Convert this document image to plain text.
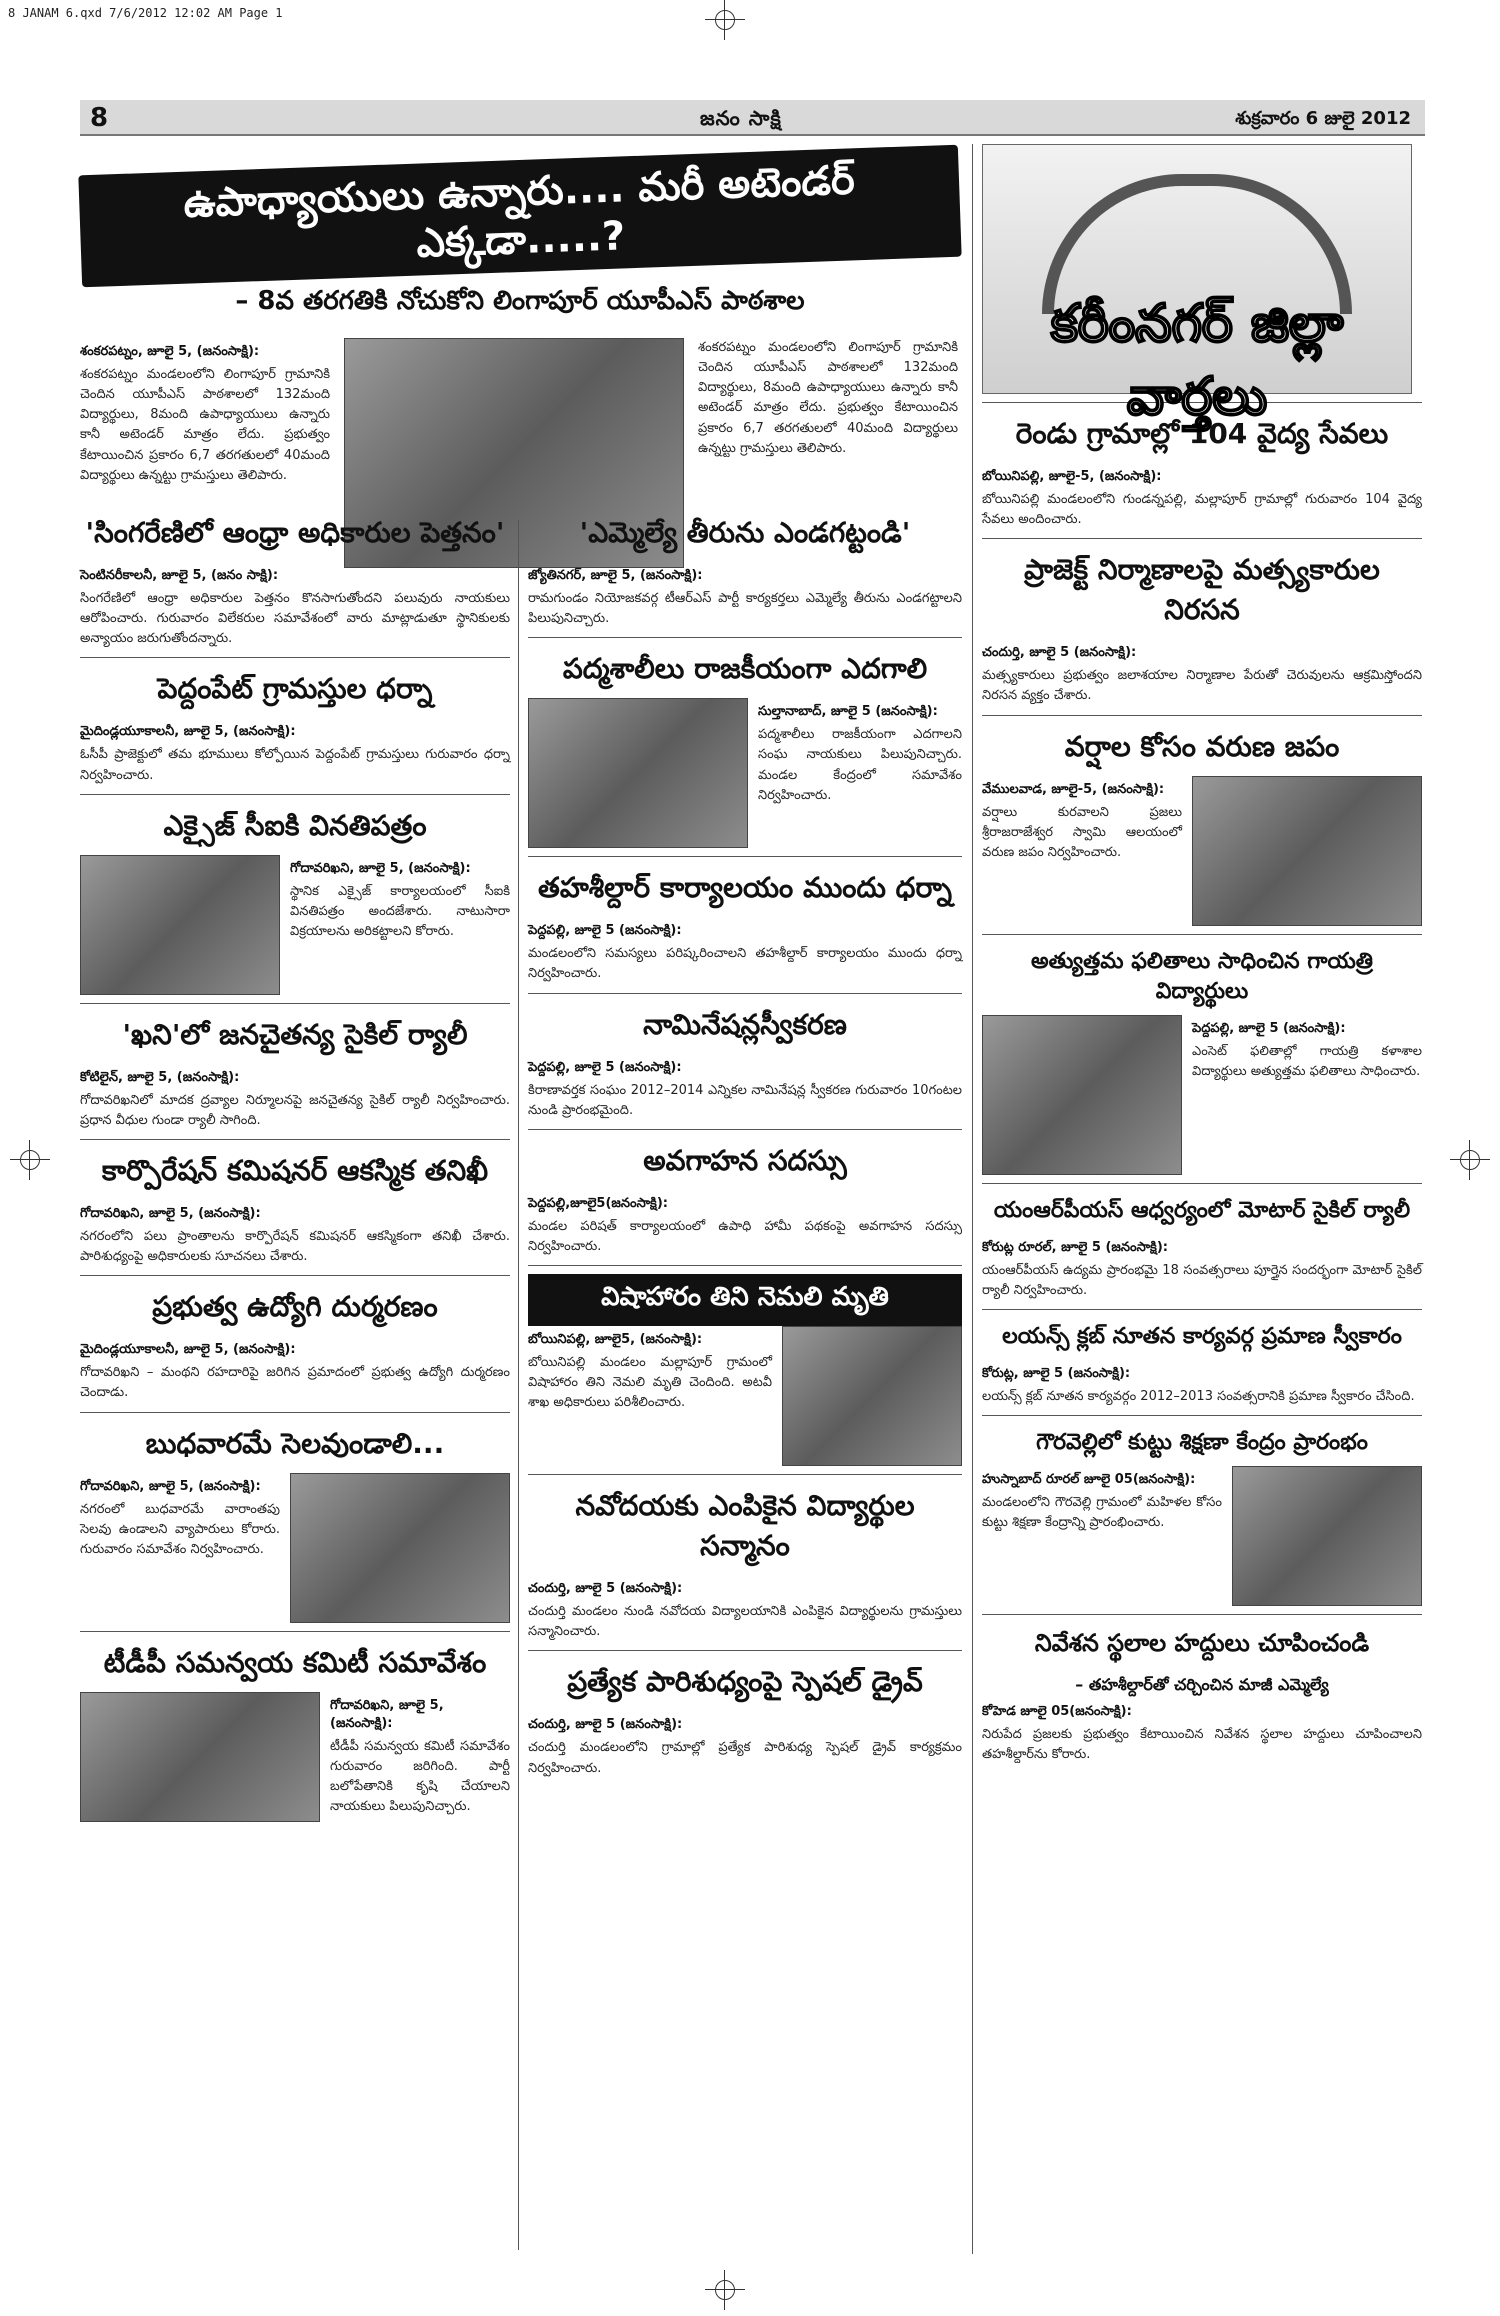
8 JANAM 6.qxd 7/6/2012 12:02 AM Page 1
8	జనం సాక్షి	శుక్రవారం 6 జులై 2012
ఉపాధ్యాయులు ఉన్నారు.... మరీ అటెండర్ ఎక్కడా.....?
– 8వ తరగతికి నోచుకోని లింగాపూర్ యూపీఎస్ పాఠశాల
శంకరపట్నం, జూలై 5, (జనంసాక్షి):
శంకరపట్నం మండలంలోని లింగాపూర్ గ్రామానికి చెందిన యూపీఎస్ పాఠశాలలో 132మంది విద్యార్థులు, 8మంది ఉపాధ్యాయులు ఉన్నారు కానీ అటెండర్ మాత్రం లేదు. ప్రభుత్వం కేటాయించిన ప్రకారం 6,7 తరగతులలో 40మంది విద్యార్థులు ఉన్నట్టు గ్రామస్తులు తెలిపారు.
శంకరపట్నం మండలంలోని లింగాపూర్ గ్రామానికి చెందిన యూపీఎస్ పాఠశాలలో 132మంది విద్యార్థులు, 8మంది ఉపాధ్యాయులు ఉన్నారు కానీ అటెండర్ మాత్రం లేదు. ప్రభుత్వం కేటాయించిన ప్రకారం 6,7 తరగతులలో 40మంది విద్యార్థులు ఉన్నట్టు గ్రామస్తులు తెలిపారు.
'సింగరేణిలో ఆంధ్రా అధికారుల పెత్తనం'
సెంటినరీకాలనీ, జూలై 5, (జనం సాక్షి):
సింగరేణిలో ఆంధ్రా అధికారుల పెత్తనం కొనసాగుతోందని పలువురు నాయకులు ఆరోపించారు. గురువారం విలేకరుల సమావేశంలో వారు మాట్లాడుతూ స్థానికులకు అన్యాయం జరుగుతోందన్నారు.
పెద్దంపేట్ గ్రామస్తుల ధర్నా
మైదిండ్లయూకాలనీ, జూలై 5, (జనంసాక్షి):
ఓసీపీ ప్రాజెక్టులో తమ భూములు కోల్పోయిన పెద్దంపేట్ గ్రామస్తులు గురువారం ధర్నా నిర్వహించారు.
ఎక్సైజ్ సీఐకి వినతిపత్రం
గోదావరిఖని, జూలై 5, (జనంసాక్షి):
స్థానిక ఎక్సైజ్ కార్యాలయంలో సీఐకి వినతిపత్రం అందజేశారు. నాటుసారా విక్రయాలను అరికట్టాలని కోరారు.
'ఖని'లో జనచైతన్య సైకిల్ ర్యాలీ
కోటిలైన్, జూలై 5, (జనంసాక్షి):
గోదావరిఖనిలో మాదక ద్రవ్యాల నిర్మూలనపై జనచైతన్య సైకిల్ ర్యాలీ నిర్వహించారు. ప్రధాన వీధుల గుండా ర్యాలీ సాగింది.
కార్పొరేషన్ కమిషనర్ ఆకస్మిక తనిఖీ
గోదావరిఖని, జూలై 5, (జనంసాక్షి):
నగరంలోని పలు ప్రాంతాలను కార్పొరేషన్ కమిషనర్ ఆకస్మికంగా తనిఖీ చేశారు. పారిశుధ్యంపై అధికారులకు సూచనలు చేశారు.
ప్రభుత్వ ఉద్యోగి దుర్మరణం
మైదిండ్లయూకాలనీ, జూలై 5, (జనంసాక్షి):
గోదావరిఖని – మంథని రహదారిపై జరిగిన ప్రమాదంలో ప్రభుత్వ ఉద్యోగి దుర్మరణం చెందాడు.
బుధవారమే సెలవుండాలి...
గోదావరిఖని, జూలై 5, (జనంసాక్షి):
నగరంలో బుధవారమే వారాంతపు సెలవు ఉండాలని వ్యాపారులు కోరారు. గురువారం సమావేశం నిర్వహించారు.
టీడీపీ సమన్వయ కమిటీ సమావేశం
గోదావరిఖని, జూలై 5, (జనంసాక్షి):
టీడీపీ సమన్వయ కమిటీ సమావేశం గురువారం జరిగింది. పార్టీ బలోపేతానికి కృషి చేయాలని నాయకులు పిలుపునిచ్చారు.
'ఎమ్మెల్యే తీరును ఎండగట్టండి'
జ్యోతినగర్, జూలై 5, (జనంసాక్షి):
రామగుండం నియోజకవర్గ టీఆర్ఎస్ పార్టీ కార్యకర్తలు ఎమ్మెల్యే తీరును ఎండగట్టాలని పిలుపునిచ్చారు.
పద్మశాలీలు రాజకీయంగా ఎదగాలి
సుల్తానాబాద్, జూలై 5 (జనంసాక్షి):
పద్మశాలీలు రాజకీయంగా ఎదగాలని సంఘ నాయకులు పిలుపునిచ్చారు. మండల కేంద్రంలో సమావేశం నిర్వహించారు.
తహశీల్దార్ కార్యాలయం ముందు ధర్నా
పెద్దపల్లి, జూలై 5 (జనంసాక్షి):
మండలంలోని సమస్యలు పరిష్కరించాలని తహశీల్దార్ కార్యాలయం ముందు ధర్నా నిర్వహించారు.
నామినేషన్లస్వీకరణ
పెద్దపల్లి, జూలై 5 (జనంసాక్షి):
కిరాణావర్తక సంఘం 2012–2014 ఎన్నికల నామినేషన్ల స్వీకరణ గురువారం 10గంటల నుండి ప్రారంభమైంది.
అవగాహన సదస్సు
పెద్దపల్లి,జూలై5(జనంసాక్షి):
మండల పరిషత్ కార్యాలయంలో ఉపాధి హామీ పథకంపై అవగాహన సదస్సు నిర్వహించారు.
విషాహారం తిని నెమలి మృతి
బోయినిపల్లి, జూలై5, (జనంసాక్షి):
బోయినిపల్లి మండలం మల్లాపూర్ గ్రామంలో విషాహారం తిని నెమలి మృతి చెందింది. అటవీ శాఖ అధికారులు పరిశీలించారు.
నవోదయకు ఎంపికైన విద్యార్థుల సన్మానం
చందుర్తి, జూలై 5 (జనంసాక్షి):
చందుర్తి మండలం నుండి నవోదయ విద్యాలయానికి ఎంపికైన విద్యార్థులను గ్రామస్తులు సన్మానించారు.
ప్రత్యేక పారిశుధ్యంపై స్పెషల్ డ్రైవ్
చందుర్తి, జూలై 5 (జనంసాక్షి):
చందుర్తి మండలంలోని గ్రామాల్లో ప్రత్యేక పారిశుధ్య స్పెషల్ డ్రైవ్ కార్యక్రమం నిర్వహించారు.
కరీంనగర్ జిల్లా వార్తలు
రెండు గ్రామాల్లో 104 వైద్య సేవలు
బోయినిపల్లి, జూలై-5, (జనంసాక్షి):
బోయినిపల్లి మండలంలోని గుండన్నపల్లి, మల్లాపూర్ గ్రామాల్లో గురువారం 104 వైద్య సేవలు అందించారు.
ప్రాజెక్ట్ నిర్మాణాలపై మత్స్యకారుల నిరసన
చందుర్తి, జూలై 5 (జనంసాక్షి):
మత్స్యకారులు ప్రభుత్వం జలాశయాల నిర్మాణాల పేరుతో చెరువులను ఆక్రమిస్తోందని నిరసన వ్యక్తం చేశారు.
వర్షాల కోసం వరుణ జపం
వేములవాడ, జూలై-5, (జనంసాక్షి):
వర్షాలు కురవాలని ప్రజలు శ్రీరాజరాజేశ్వర స్వామి ఆలయంలో వరుణ జపం నిర్వహించారు.
అత్యుత్తమ ఫలితాలు సాధించిన గాయత్రి విద్యార్థులు
పెద్దపల్లి, జూలై 5 (జనంసాక్షి):
ఎంసెట్ ఫలితాల్లో గాయత్రి కళాశాల విద్యార్థులు అత్యుత్తమ ఫలితాలు సాధించారు.
యంఆర్‌పీయస్ ఆధ్వర్యంలో మోటార్ సైకిల్ ర్యాలీ
కోరుట్ల రూరల్, జూలై 5 (జనంసాక్షి):
యంఆర్‌పీయస్ ఉద్యమ ప్రారంభమై 18 సంవత్సరాలు పూర్తైన సందర్భంగా మోటార్ సైకిల్ ర్యాలీ నిర్వహించారు.
లయన్స్ క్లబ్ నూతన కార్యవర్గ ప్రమాణ స్వీకారం
కోరుట్ల, జూలై 5 (జనంసాక్షి):
లయన్స్ క్లబ్ నూతన కార్యవర్గం 2012–2013 సంవత్సరానికి ప్రమాణ స్వీకారం చేసింది.
గౌరవెల్లిలో కుట్టు శిక్షణా కేంద్రం ప్రారంభం
హుస్నాబాద్ రూరల్ జూలై 05(జనంసాక్షి):
మండలంలోని గౌరవెల్లి గ్రామంలో మహిళల కోసం కుట్టు శిక్షణా కేంద్రాన్ని ప్రారంభించారు.
నివేశన స్థలాల హద్దులు చూపించండి
– తహశీల్దార్‌తో చర్చించిన మాజీ ఎమ్మెల్యే
కోహెడ జూలై 05(జనంసాక్షి):
నిరుపేద ప్రజలకు ప్రభుత్వం కేటాయించిన నివేశన స్థలాల హద్దులు చూపించాలని తహశీల్దార్‌ను కోరారు.
